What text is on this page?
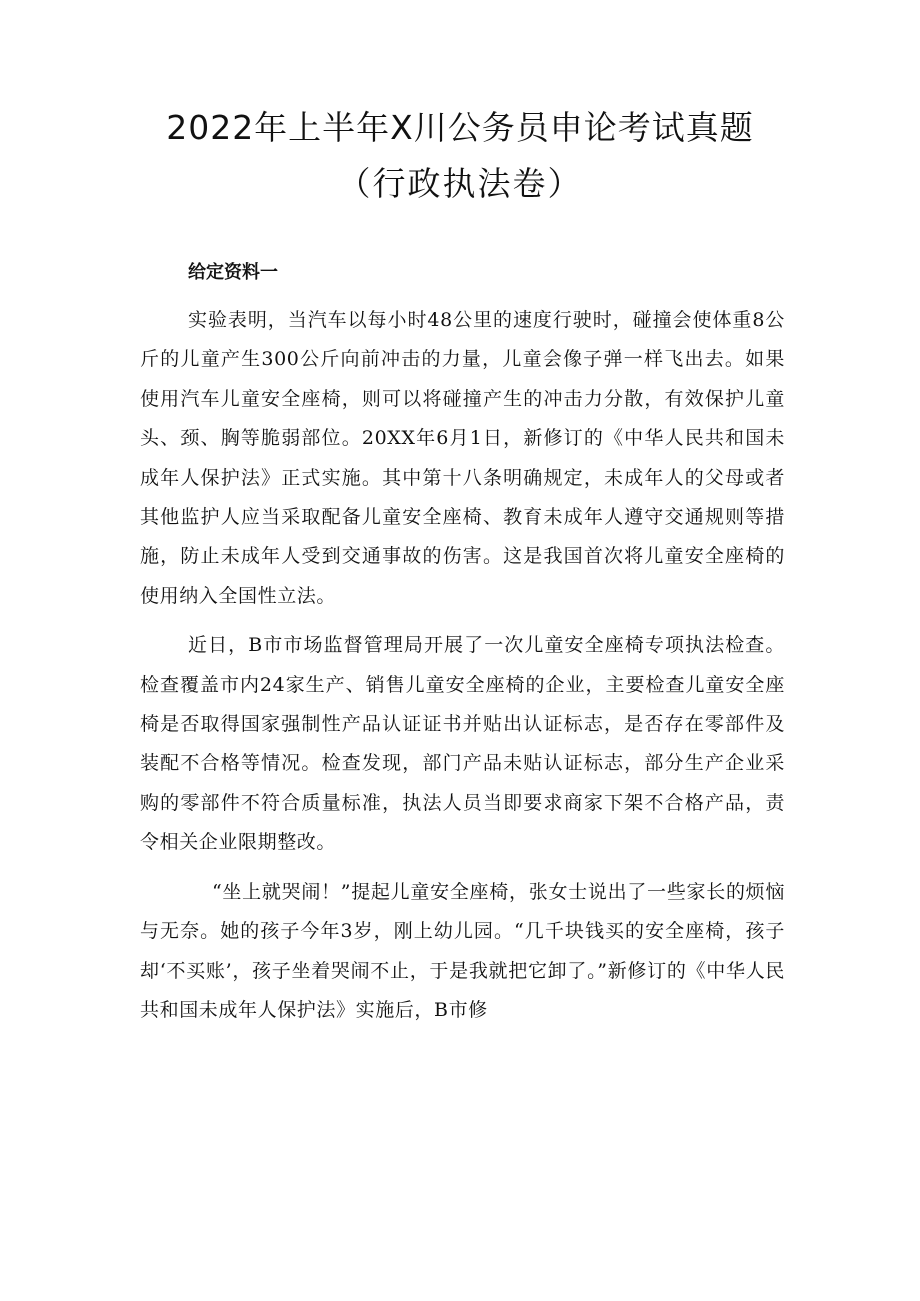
2022年上半年X川公务员申论考试真题
（行政执法卷）
给定资料一

实验表明，当汽车以每小时48公里的速度行驶时，碰撞会使体重8公斤的儿童产生300公斤向前冲击的力量，儿童会像子弹一样飞出去。如果使用汽车儿童安全座椅，则可以将碰撞产生的冲击力分散，有效保护儿童头、颈、胸等脆弱部位。20XX年6月1日，新修订的《中华人民共和国未成年人保护法》正式实施。其中第十八条明确规定，未成年人的父母或者其他监护人应当采取配备儿童安全座椅、教育未成年人遵守交通规则等措施，防止未成年人受到交通事故的伤害。这是我国首次将儿童安全座椅的使用纳入全国性立法。

近日，B市市场监督管理局开展了一次儿童安全座椅专项执法检查。检查覆盖市内24家生产、销售儿童安全座椅的企业，主要检查儿童安全座椅是否取得国家强制性产品认证证书并贴出认证标志，是否存在零部件及装配不合格等情况。检查发现，部门产品未贴认证标志，部分生产企业采购的零部件不符合质量标准，执法人员当即要求商家下架不合格产品，责令相关企业限期整改。

“坐上就哭闹！”提起儿童安全座椅，张女士说出了一些家长的烦恼与无奈。她的孩子今年3岁，刚上幼儿园。“几千块钱买的安全座椅，孩子却‘不买账’，孩子坐着哭闹不止，于是我就把它卸了。”新修订的《中华人民共和国未成年人保护法》实施后，B市修
